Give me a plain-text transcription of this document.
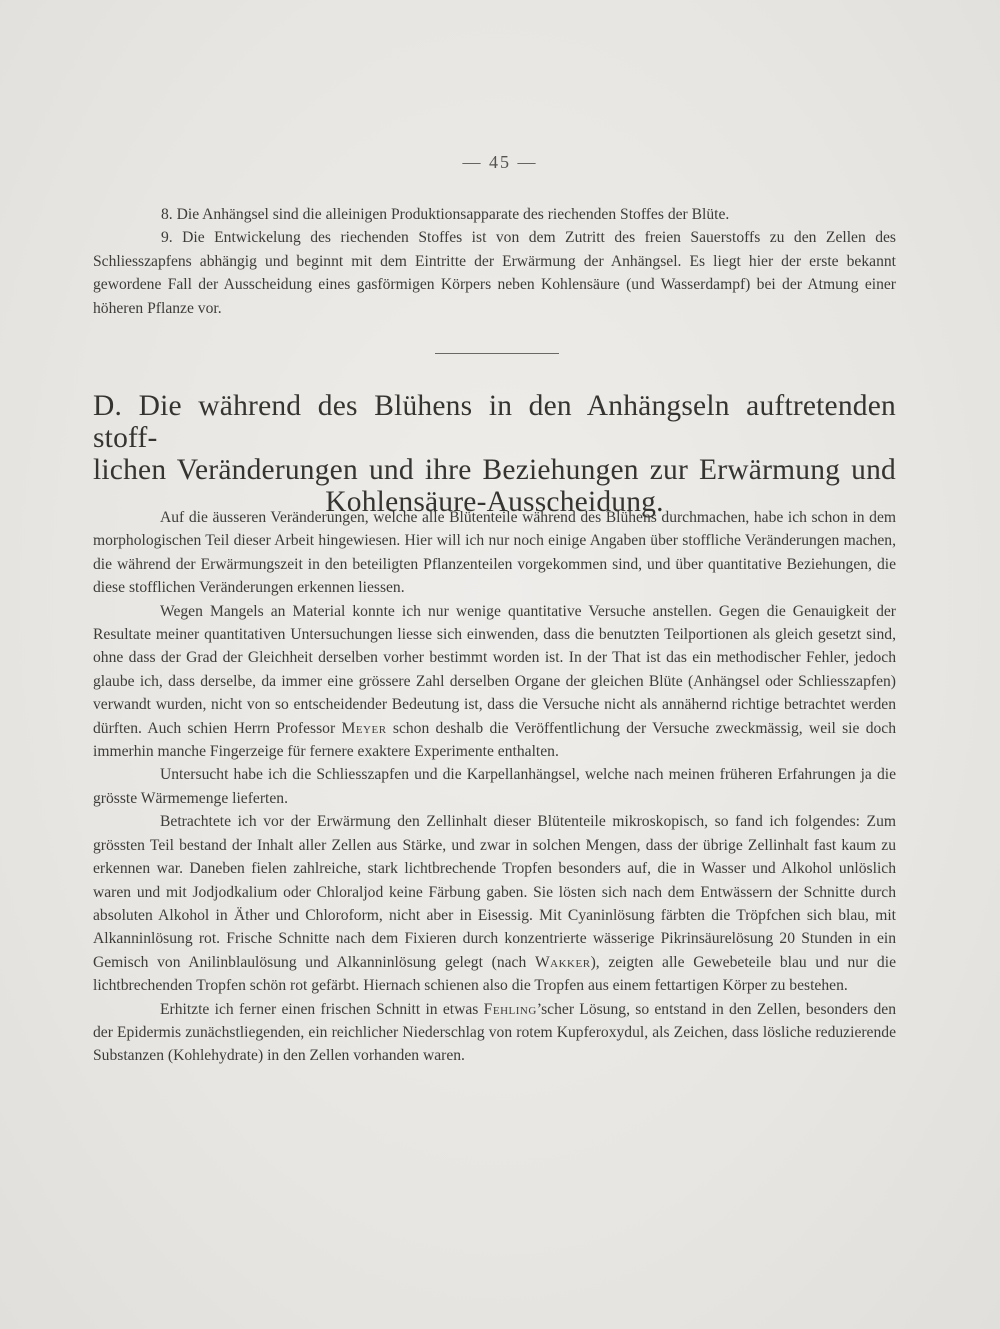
— 45 —

8. Die Anhängsel sind die alleinigen Produktionsapparate des riechenden Stoffes der Blüte.

9. Die Entwickelung des riechenden Stoffes ist von dem Zutritt des freien Sauerstoffs zu den Zellen des Schliesszapfens abhängig und beginnt mit dem Eintritte der Erwärmung der Anhängsel. Es liegt hier der erste bekannt gewordene Fall der Ausscheidung eines gasförmigen Körpers neben Kohlensäure (und Wasserdampf) bei der Atmung einer höheren Pflanze vor.

D. Die während des Blühens in den Anhängseln auftretenden stoff-
lichen Veränderungen und ihre Beziehungen zur Erwärmung und
Kohlensäure-Ausscheidung.

Auf die äusseren Veränderungen, welche alle Blütenteile während des Blühens durchmachen, habe ich schon in dem morphologischen Teil dieser Arbeit hingewiesen. Hier will ich nur noch einige Angaben über stoffliche Veränderungen machen, die während der Erwärmungszeit in den beteiligten Pflanzenteilen vorgekommen sind, und über quantitative Beziehungen, die diese stofflichen Veränderungen erkennen liessen.

Wegen Mangels an Material konnte ich nur wenige quantitative Versuche anstellen. Gegen die Genauigkeit der Resultate meiner quantitativen Untersuchungen liesse sich einwenden, dass die benutzten Teilportionen als gleich gesetzt sind, ohne dass der Grad der Gleichheit derselben vorher bestimmt worden ist. In der That ist das ein methodischer Fehler, jedoch glaube ich, dass derselbe, da immer eine grössere Zahl derselben Organe der gleichen Blüte (Anhängsel oder Schliesszapfen) verwandt wurden, nicht von so entscheidender Bedeutung ist, dass die Versuche nicht als annähernd richtige betrachtet werden dürften. Auch schien Herrn Professor Meyer schon deshalb die Veröffentlichung der Versuche zweckmässig, weil sie doch immerhin manche Fingerzeige für fernere exaktere Experimente enthalten.

Untersucht habe ich die Schliesszapfen und die Karpellanhängsel, welche nach meinen früheren Erfahrungen ja die grösste Wärmemenge lieferten.

Betrachtete ich vor der Erwärmung den Zellinhalt dieser Blütenteile mikroskopisch, so fand ich folgendes: Zum grössten Teil bestand der Inhalt aller Zellen aus Stärke, und zwar in solchen Mengen, dass der übrige Zellinhalt fast kaum zu erkennen war. Daneben fielen zahlreiche, stark lichtbrechende Tropfen besonders auf, die in Wasser und Alkohol unlöslich waren und mit Jodjodkalium oder Chloraljod keine Färbung gaben. Sie lösten sich nach dem Entwässern der Schnitte durch absoluten Alkohol in Äther und Chloroform, nicht aber in Eisessig. Mit Cyaninlösung färbten die Tröpfchen sich blau, mit Alkanninlösung rot. Frische Schnitte nach dem Fixieren durch konzentrierte wässerige Pikrinsäurelösung 20 Stunden in ein Gemisch von Anilinblaulösung und Alkanninlösung gelegt (nach Wakker), zeigten alle Gewebeteile blau und nur die lichtbrechenden Tropfen schön rot gefärbt. Hiernach schienen also die Tropfen aus einem fettartigen Körper zu bestehen.

Erhitzte ich ferner einen frischen Schnitt in etwas Fehling’scher Lösung, so entstand in den Zellen, besonders den der Epidermis zunächstliegenden, ein reichlicher Niederschlag von rotem Kupferoxydul, als Zeichen, dass lösliche reduzierende Substanzen (Kohlehydrate) in den Zellen vorhanden waren.
